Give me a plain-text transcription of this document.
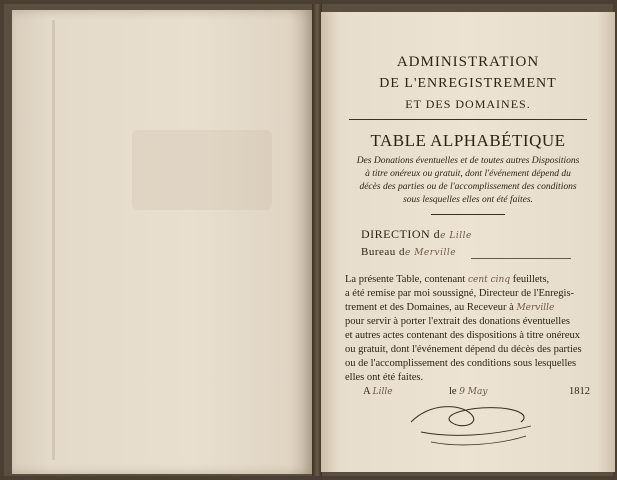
ADMINISTRATION
DE L'ENREGISTREMENT
ET DES DOMAINES.
TABLE ALPHABÉTIQUE
Des Donations éventuelles et de toutes autres Dispositions
à titre onéreux ou gratuit, dont l'événement dépend du
décès des parties ou de l'accomplissement des conditions
sous lesquelles elles ont été faites.
DIRECTION de Lille
Bureau de Merville
La présente Table, contenant cent cinq feuillets,
a été remise par moi soussigné, Directeur de l'Enregis-
trement et des Domaines, au Receveur à Merville
pour servir à porter l'extrait des donations éventuelles
et autres actes contenant des dispositions à titre onéreux
ou gratuit, dont l'événement dépend du décès des parties
ou de l'accomplissement des conditions sous lesquelles
elles ont été faites.
A Lille	le 9 May	1812
